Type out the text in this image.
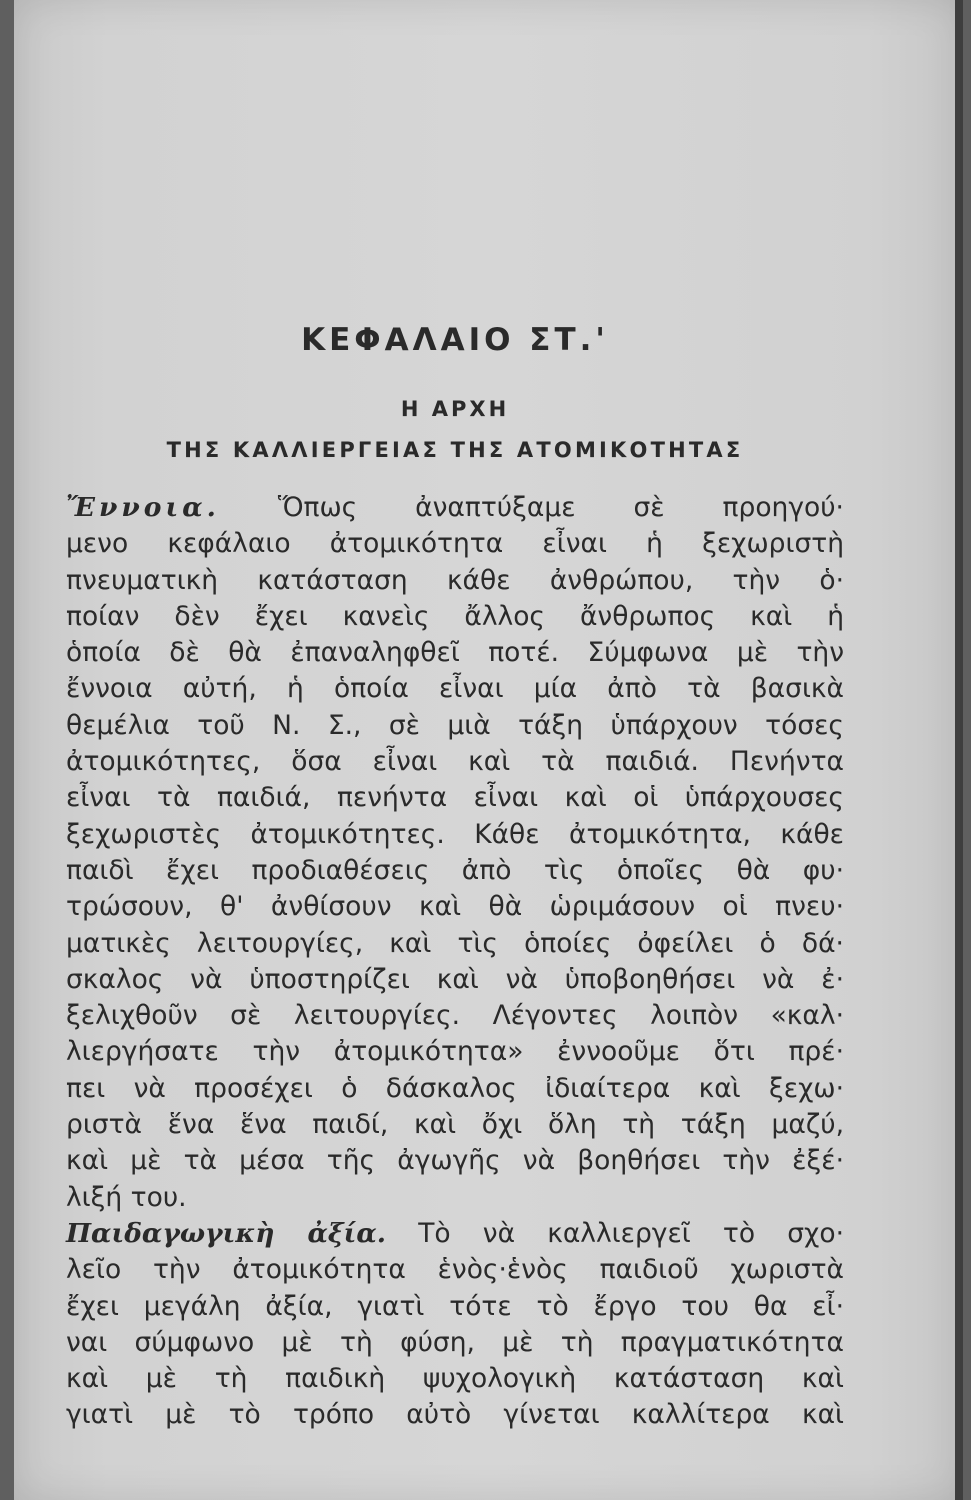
ΚΕΦΑΛΑΙΟ ΣΤ.'
Η ΑΡΧΗ
ΤΗΣ ΚΑΛΛΙΕΡΓΕΙΑΣ ΤΗΣ ΑΤΟΜΙΚΟΤΗΤΑΣ
Ἔννοια. Ὅπως ἀναπτύξαμε σὲ προηγού·
μενο κεφάλαιο ἀτομικότητα εἶναι ἡ ξεχωριστὴ
πνευματικὴ κατάσταση κάθε ἀνθρώπου, τὴν ὁ·
ποίαν δὲν ἔχει κανεὶς ἄλλος ἄνθρωπος καὶ ἡ
ὁποία δὲ θὰ ἐπαναληφθεῖ ποτέ. Σύμφωνα μὲ τὴν
ἔννοια αὐτή, ἡ ὁποία εἶναι μία ἀπὸ τὰ βασικὰ
θεμέλια τοῦ Ν. Σ., σὲ μιὰ τάξη ὑπάρχουν τόσες
ἀτομικότητες, ὅσα εἶναι καὶ τὰ παιδιά. Πενήντα
εἶναι τὰ παιδιά, πενήντα εἶναι καὶ οἱ ὑπάρχουσες
ξεχωριστὲς ἀτομικότητες. Κάθε ἀτομικότητα, κάθε
παιδὶ ἔχει προδιαθέσεις ἀπὸ τὶς ὁποῖες θὰ φυ·
τρώσουν, θ' ἀνθίσουν καὶ θὰ ὡριμάσουν οἱ πνευ·
ματικὲς λειτουργίες, καὶ τὶς ὁποίες ὀφείλει ὁ δά·
σκαλος νὰ ὑποστηρίζει καὶ νὰ ὑποβοηθήσει νὰ ἐ·
ξελιχθοῦν σὲ λειτουργίες. Λέγοντες λοιπὸν «καλ·
λιεργήσατε τὴν ἀτομικότητα» ἐννοοῦμε ὅτι πρέ·
πει νὰ προσέχει ὁ δάσκαλος ἰδιαίτερα καὶ ξεχω·
ριστὰ ἕνα ἕνα παιδί, καὶ ὄχι ὅλη τὴ τάξη μαζύ,
καὶ μὲ τὰ μέσα τῆς ἀγωγῆς νὰ βοηθήσει τὴν ἐξέ·
λιξή του.
Παιδαγωγικὴ ἀξία. Τὸ νὰ καλλιεργεῖ τὸ σχο·
λεῖο τὴν ἀτομικότητα ἑνὸς·ἑνὸς παιδιοῦ χωριστὰ
ἔχει μεγάλη ἀξία, γιατὶ τότε τὸ ἔργο του θα εἶ·
ναι σύμφωνο μὲ τὴ φύση, μὲ τὴ πραγματικότητα
καὶ μὲ τὴ παιδικὴ ψυχολογικὴ κατάσταση καὶ
γιατὶ μὲ τὸ τρόπο αὐτὸ γίνεται καλλίτερα καὶ
